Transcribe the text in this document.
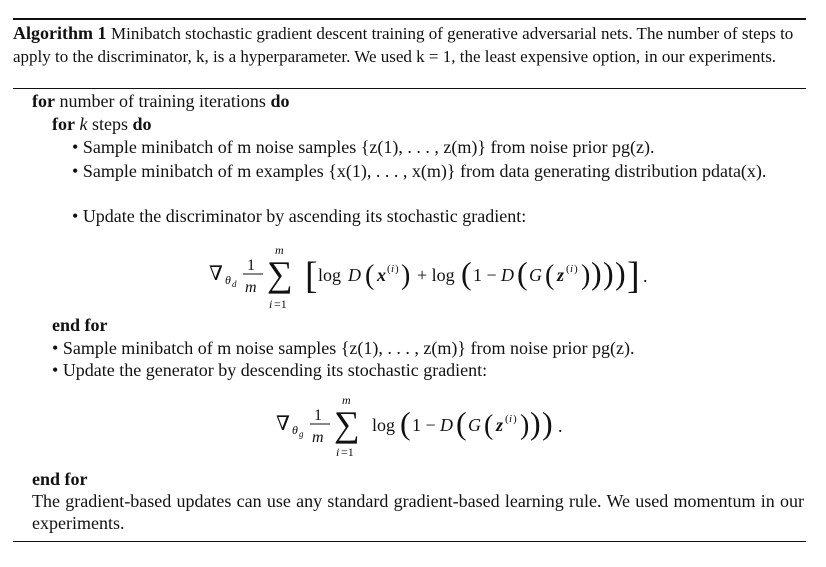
Algorithm 1 Minibatch stochastic gradient descent training of generative adversarial nets. The number of steps to apply to the discriminator, k, is a hyperparameter. We used k = 1, the least expensive option, in our experiments.
for number of training iterations do
for k steps do
• Sample minibatch of m noise samples {z(1), . . . , z(m)} from noise prior pg(z).
• Sample minibatch of m examples {x(1), . . . , x(m)} from data generating distribution pdata(x).
• Update the discriminator by ascending its stochastic gradient:
∇ θ d
1
m
m
∑
i =1
[ log D ( x ( i ) ) + log ( 1 − D ( G ( z ( i ) ) ) ) ) ] .
end for
• Sample minibatch of m noise samples {z(1), . . . , z(m)} from noise prior pg(z).
• Update the generator by descending its stochastic gradient:
∇ θ g
1
m
m
∑
i =1
log ( 1 − D ( G ( z ( i ) ) ) ) .
end for
The gradient-based updates can use any standard gradient-based learning rule. We used momentum in our experiments.
